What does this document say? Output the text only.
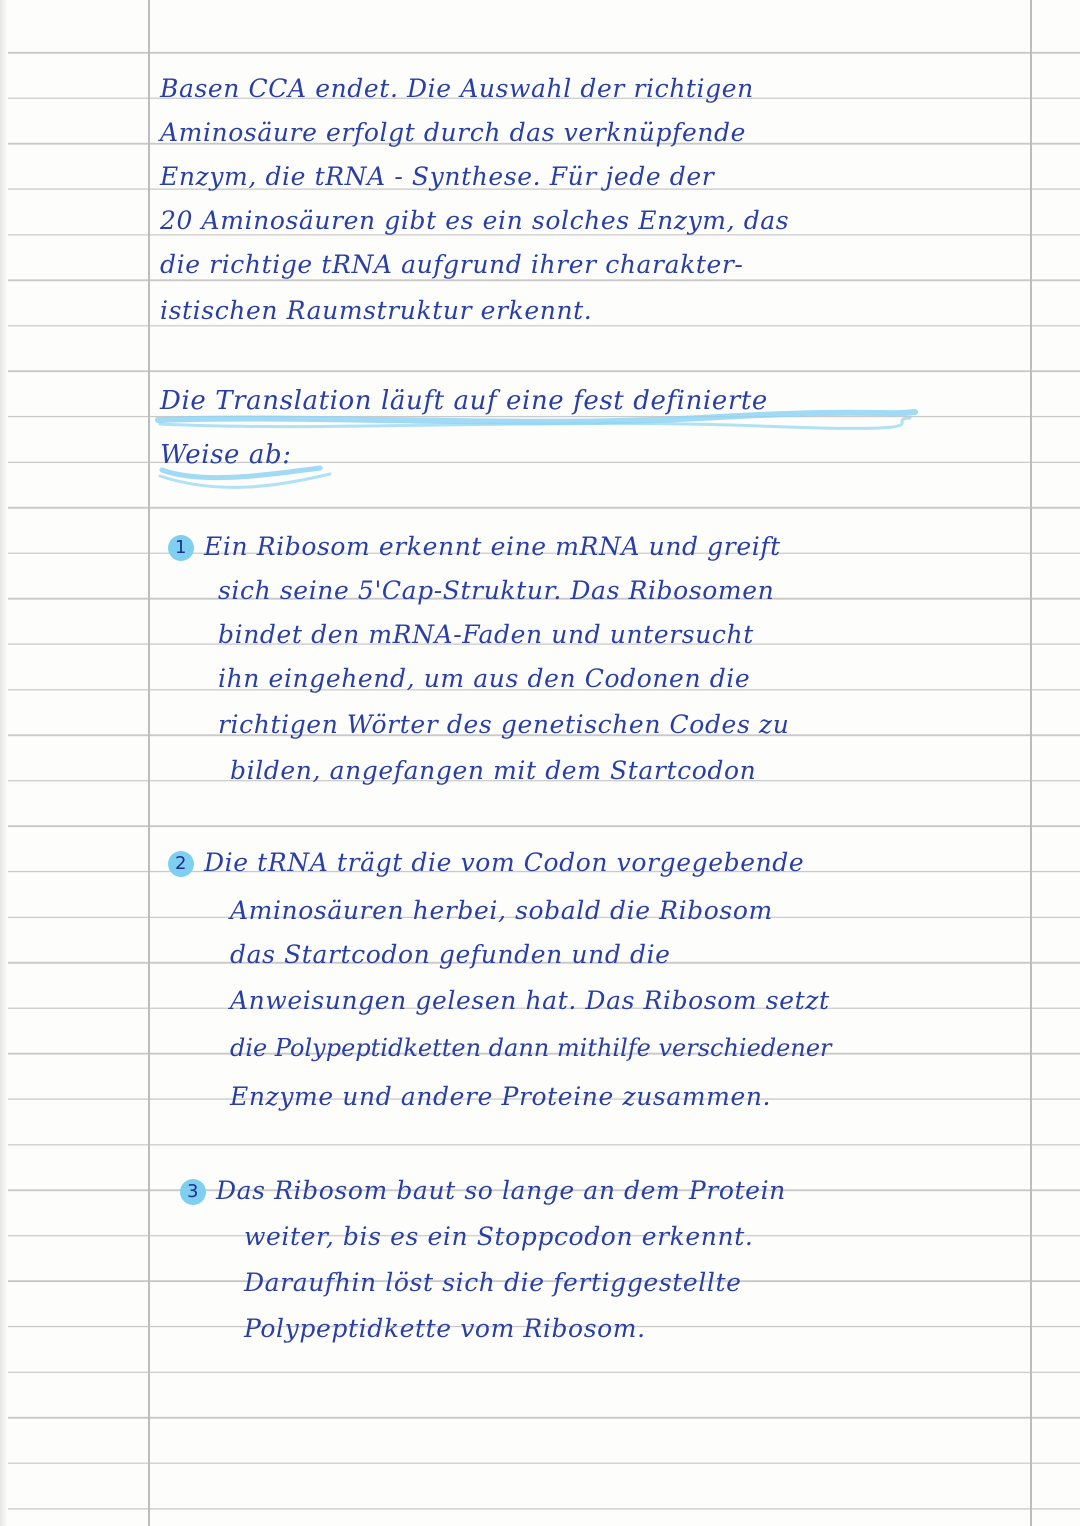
Basen CCA endet. Die Auswahl der richtigen
Aminosäure erfolgt durch das verknüpfende
Enzym, die tRNA - Synthese. Für jede der
20 Aminosäuren gibt es ein solches Enzym, das
die richtige tRNA aufgrund ihrer charakter-
istischen Raumstruktur erkennt.
Die Translation läuft auf eine fest definierte
Weise ab:
1 Ein Ribosom erkennt eine mRNA und greift
sich seine 5'Cap-Struktur. Das Ribosomen
bindet den mRNA-Faden und untersucht
ihn eingehend, um aus den Codonen die
richtigen Wörter des genetischen Codes zu
bilden, angefangen mit dem Startcodon
2 Die tRNA trägt die vom Codon vorgegebende
Aminosäuren herbei, sobald die Ribosom
das Startcodon gefunden und die
Anweisungen gelesen hat. Das Ribosom setzt
die Polypeptidketten dann mithilfe verschiedener
Enzyme und andere Proteine zusammen.
3 Das Ribosom baut so lange an dem Protein
weiter, bis es ein Stoppcodon erkennt.
Daraufhin löst sich die fertiggestellte
Polypeptidkette vom Ribosom.
